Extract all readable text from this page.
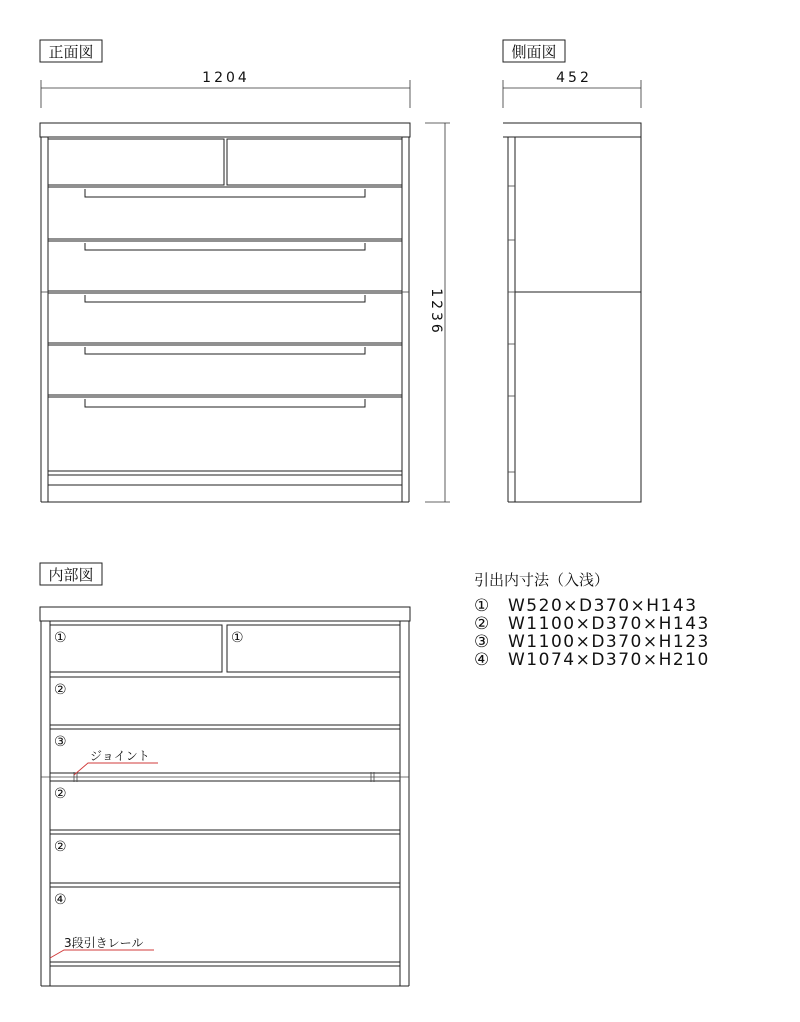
正面図
1204
1236
側面図
452
内部図
①	①
②
③
②
②
④
ジョイント
3段引きレール
引出内寸法（入浅）
① W520×D370×H143
② W1100×D370×H143
③ W1100×D370×H123
④ W1074×D370×H210
